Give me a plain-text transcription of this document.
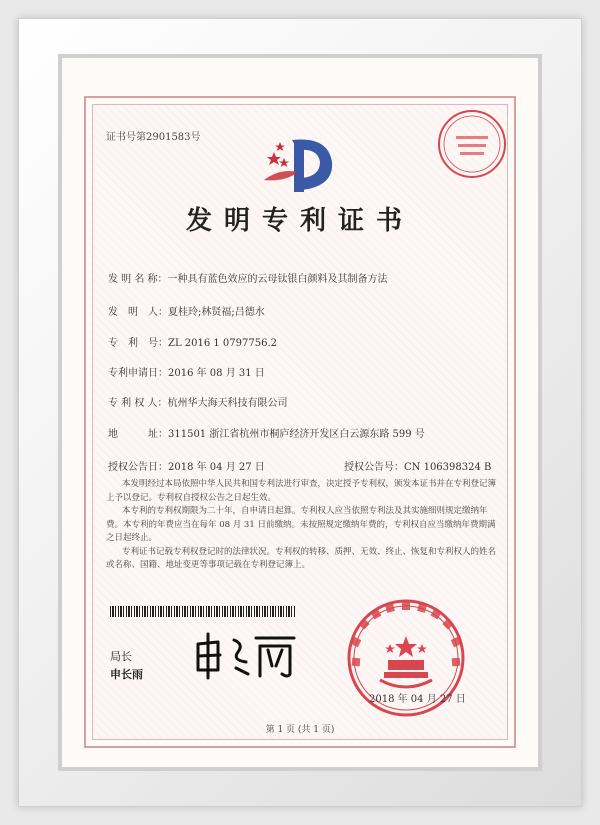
证书号第2901583号
发明专利证书
发 明 名 称：一种具有蓝色效应的云母钛银白颜料及其制备方法
发　明　人：夏桂玲;林贤福;吕德水
专　利　号：ZL 2016 1 0797756.2
专利申请日：2016 年 08 月 31 日
专 利 权 人：杭州华大海天科技有限公司
地　　　址：311501 浙江省杭州市桐庐经济开发区白云源东路 599 号
授权公告日：2018 年 04 月 27 日	授权公告号：CN 106398324 B

本发明经过本局依照中华人民共和国专利法进行审查，决定授予专利权，颁发本证书并在专利登记簿上予以登记。专利权自授权公告之日起生效。

本专利的专利权期限为二十年，自申请日起算。专利权人应当依照专利法及其实施细则规定缴纳年费。本专利的年费应当在每年 08 月 31 日前缴纳。未按照规定缴纳年费的，专利权自应当缴纳年费期满之日起终止。

专利证书记载专利权登记时的法律状况。专利权的转移、质押、无效、终止、恢复和专利权人的姓名或名称、国籍、地址变更等事项记载在专利登记簿上。

局长
申长雨
2018 年 04 月 27 日
第 1 页 (共 1 页)
